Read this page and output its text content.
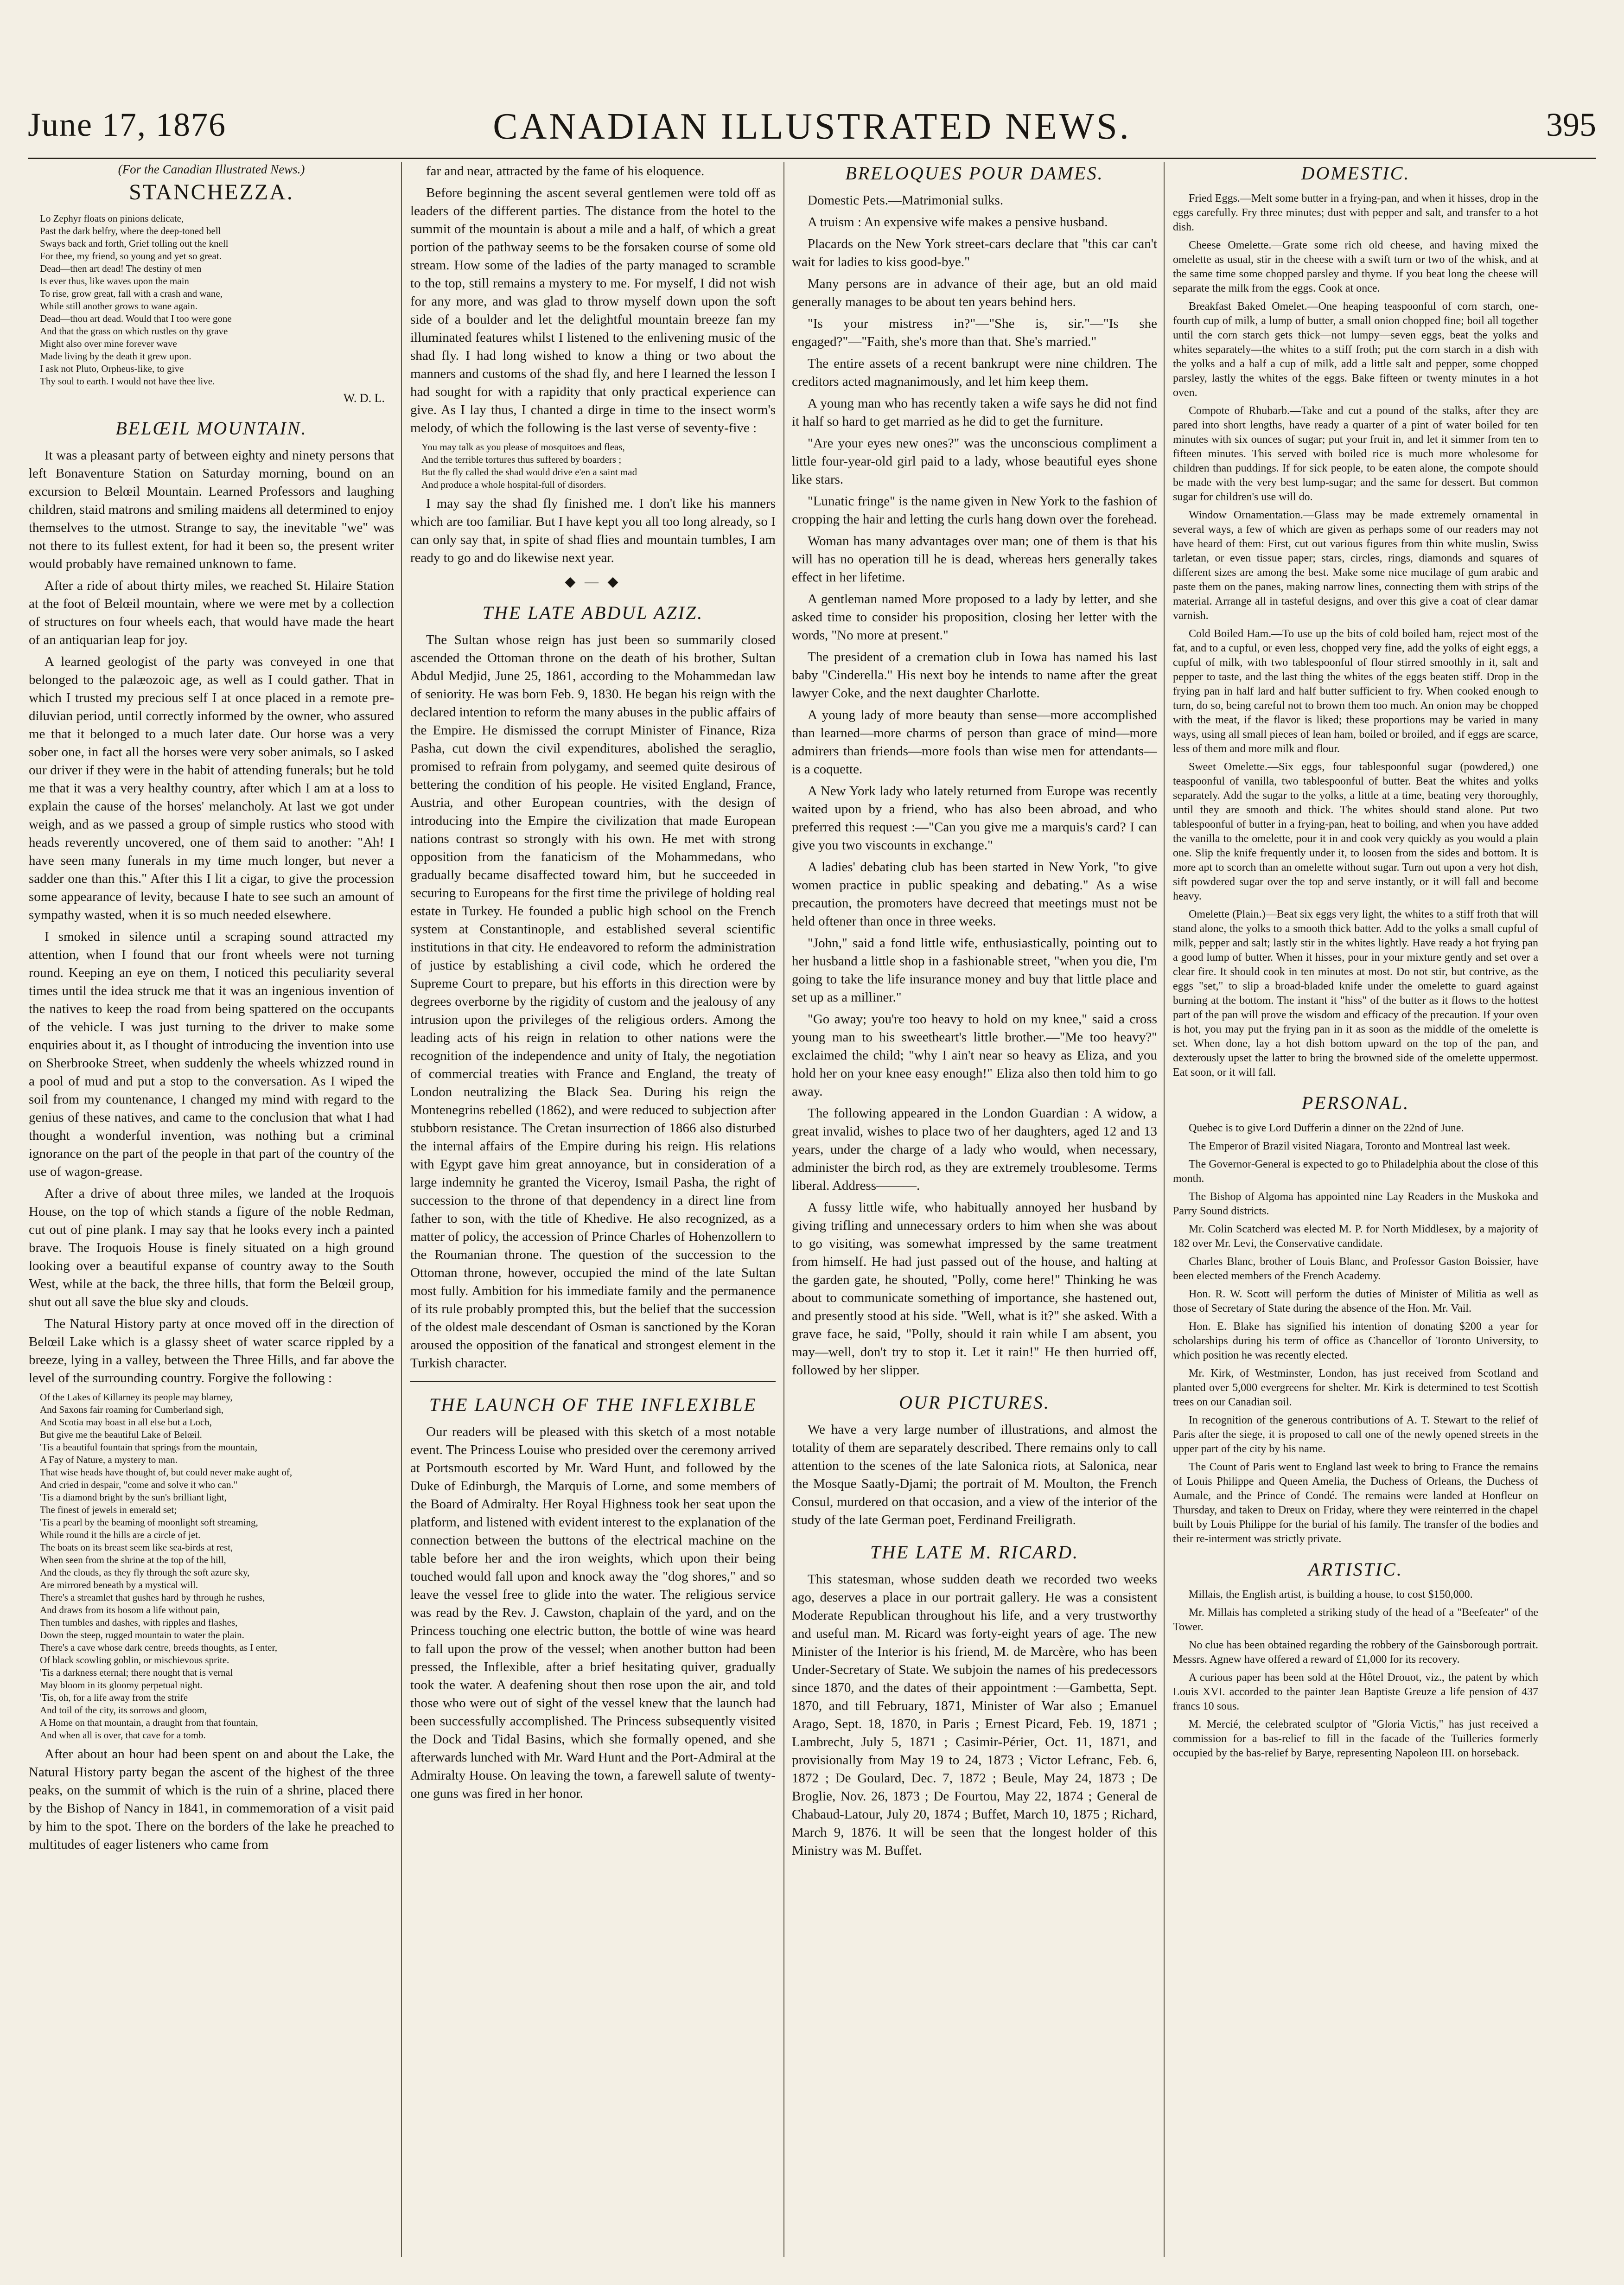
June 17, 1876	CANADIAN ILLUSTRATED NEWS.	395
(For the Canadian Illustrated News.)
STANCHEZZA.
Lo Zephyr floats on pinions delicate,
Past the dark belfry, where the deep-toned bell
Sways back and forth, Grief tolling out the knell
For thee, my friend, so young and yet so great.
Dead—then art dead! The destiny of men
Is ever thus, like waves upon the main
To rise, grow great, fall with a crash and wane,
While still another grows to wane again.
Dead—thou art dead. Would that I too were gone
And that the grass on which rustles on thy grave
Might also over mine forever wave
Made living by the death it grew upon.
I ask not Pluto, Orpheus-like, to give
Thy soul to earth. I would not have thee live.
W. D. L.
BELŒIL MOUNTAIN.

It was a pleasant party of between eighty and ninety persons that left Bonaventure Station on Saturday morning, bound on an excursion to Belœil Mountain. Learned Professors and laughing children, staid matrons and smiling maidens all determined to enjoy themselves to the utmost. Strange to say, the inevitable "we" was not there to its fullest extent, for had it been so, the present writer would probably have remained unknown to fame.

After a ride of about thirty miles, we reached St. Hilaire Station at the foot of Belœil mountain, where we were met by a collection of structures on four wheels each, that would have made the heart of an antiquarian leap for joy.

A learned geologist of the party was conveyed in one that belonged to the palæozoic age, as well as I could gather. That in which I trusted my precious self I at once placed in a remote pre-diluvian period, until correctly informed by the owner, who assured me that it belonged to a much later date. Our horse was a very sober one, in fact all the horses were very sober animals, so I asked our driver if they were in the habit of attending funerals; but he told me that it was a very healthy country, after which I am at a loss to explain the cause of the horses' melancholy. At last we got under weigh, and as we passed a group of simple rustics who stood with heads reverently uncovered, one of them said to another: "Ah! I have seen many funerals in my time much longer, but never a sadder one than this." After this I lit a cigar, to give the procession some appearance of levity, because I hate to see such an amount of sympathy wasted, when it is so much needed elsewhere.

I smoked in silence until a scraping sound attracted my attention, when I found that our front wheels were not turning round. Keeping an eye on them, I noticed this peculiarity several times until the idea struck me that it was an ingenious invention of the natives to keep the road from being spattered on the occupants of the vehicle. I was just turning to the driver to make some enquiries about it, as I thought of introducing the invention into use on Sherbrooke Street, when suddenly the wheels whizzed round in a pool of mud and put a stop to the conversation. As I wiped the soil from my countenance, I changed my mind with regard to the genius of these natives, and came to the conclusion that what I had thought a wonderful invention, was nothing but a criminal ignorance on the part of the people in that part of the country of the use of wagon-grease.

After a drive of about three miles, we landed at the Iroquois House, on the top of which stands a figure of the noble Redman, cut out of pine plank. I may say that he looks every inch a painted brave. The Iroquois House is finely situated on a high ground looking over a beautiful expanse of country away to the South West, while at the back, the three hills, that form the Belœil group, shut out all save the blue sky and clouds.

The Natural History party at once moved off in the direction of Belœil Lake which is a glassy sheet of water scarce rippled by a breeze, lying in a valley, between the Three Hills, and far above the level of the surrounding country. Forgive the following :

Of the Lakes of Killarney its people may blarney,
And Saxons fair roaming for Cumberland sigh,
And Scotia may boast in all else but a Loch,
But give me the beautiful Lake of Belœil.
'Tis a beautiful fountain that springs from the mountain,
A Fay of Nature, a mystery to man.
That wise heads have thought of, but could never make aught of,
And cried in despair, "come and solve it who can."
'Tis a diamond bright by the sun's brilliant light,
The finest of jewels in emerald set;
'Tis a pearl by the beaming of moonlight soft streaming,
While round it the hills are a circle of jet.
The boats on its breast seem like sea-birds at rest,
When seen from the shrine at the top of the hill,
And the clouds, as they fly through the soft azure sky,
Are mirrored beneath by a mystical will.
There's a streamlet that gushes hard by through he rushes,
And draws from its bosom a life without pain,
Then tumbles and dashes, with ripples and flashes,
Down the steep, rugged mountain to water the plain.
There's a cave whose dark centre, breeds thoughts, as I enter,
Of black scowling goblin, or mischievous sprite.
'Tis a darkness eternal; there nought that is vernal
May bloom in its gloomy perpetual night.
'Tis, oh, for a life away from the strife
And toil of the city, its sorrows and gloom,
A Home on that mountain, a draught from that fountain,
And when all is over, that cave for a tomb.

After about an hour had been spent on and about the Lake, the Natural History party began the ascent of the highest of the three peaks, on the summit of which is the ruin of a shrine, placed there by the Bishop of Nancy in 1841, in commemoration of a visit paid by him to the spot. There on the borders of the lake he preached to multitudes of eager listeners who came from

far and near, attracted by the fame of his eloquence.

Before beginning the ascent several gentlemen were told off as leaders of the different parties. The distance from the hotel to the summit of the mountain is about a mile and a half, of which a great portion of the pathway seems to be the forsaken course of some old stream. How some of the ladies of the party managed to scramble to the top, still remains a mystery to me. For myself, I did not wish for any more, and was glad to throw myself down upon the soft side of a boulder and let the delightful mountain breeze fan my illuminated features whilst I listened to the enlivening music of the shad fly. I had long wished to know a thing or two about the manners and customs of the shad fly, and here I learned the lesson I had sought for with a rapidity that only practical experience can give. As I lay thus, I chanted a dirge in time to the insect worm's melody, of which the following is the last verse of seventy-five :

You may talk as you please of mosquitoes and fleas,
And the terrible tortures thus suffered by boarders ;
But the fly called the shad would drive e'en a saint mad
And produce a whole hospital-full of disorders.

I may say the shad fly finished me. I don't like his manners which are too familiar. But I have kept you all too long already, so I can only say that, in spite of shad flies and mountain tumbles, I am ready to go and do likewise next year.

◆ — ◆
THE LATE ABDUL AZIZ.

The Sultan whose reign has just been so summarily closed ascended the Ottoman throne on the death of his brother, Sultan Abdul Medjid, June 25, 1861, according to the Mohammedan law of seniority. He was born Feb. 9, 1830. He began his reign with the declared intention to reform the many abuses in the public affairs of the Empire. He dismissed the corrupt Minister of Finance, Riza Pasha, cut down the civil expenditures, abolished the seraglio, promised to refrain from polygamy, and seemed quite desirous of bettering the condition of his people. He visited England, France, Austria, and other European countries, with the design of introducing into the Empire the civilization that made European nations contrast so strongly with his own. He met with strong opposition from the fanaticism of the Mohammedans, who gradually became disaffected toward him, but he succeeded in securing to Europeans for the first time the privilege of holding real estate in Turkey. He founded a public high school on the French system at Constantinople, and established several scientific institutions in that city. He endeavored to reform the administration of justice by establishing a civil code, which he ordered the Supreme Court to prepare, but his efforts in this direction were by degrees overborne by the rigidity of custom and the jealousy of any intrusion upon the privileges of the religious orders. Among the leading acts of his reign in relation to other nations were the recognition of the independence and unity of Italy, the negotiation of commercial treaties with France and England, the treaty of London neutralizing the Black Sea. During his reign the Montenegrins rebelled (1862), and were reduced to subjection after stubborn resistance. The Cretan insurrection of 1866 also disturbed the internal affairs of the Empire during his reign. His relations with Egypt gave him great annoyance, but in consideration of a large indemnity he granted the Viceroy, Ismail Pasha, the right of succession to the throne of that dependency in a direct line from father to son, with the title of Khedive. He also recognized, as a matter of policy, the accession of Prince Charles of Hohenzollern to the Roumanian throne. The question of the succession to the Ottoman throne, however, occupied the mind of the late Sultan most fully. Ambition for his immediate family and the permanence of its rule probably prompted this, but the belief that the succession of the oldest male descendant of Osman is sanctioned by the Koran aroused the opposition of the fanatical and strongest element in the Turkish character.

THE LAUNCH OF THE INFLEXIBLE

Our readers will be pleased with this sketch of a most notable event. The Princess Louise who presided over the ceremony arrived at Portsmouth escorted by Mr. Ward Hunt, and followed by the Duke of Edinburgh, the Marquis of Lorne, and some members of the Board of Admiralty. Her Royal Highness took her seat upon the platform, and listened with evident interest to the explanation of the connection between the buttons of the electrical machine on the table before her and the iron weights, which upon their being touched would fall upon and knock away the "dog shores," and so leave the vessel free to glide into the water. The religious service was read by the Rev. J. Cawston, chaplain of the yard, and on the Princess touching one electric button, the bottle of wine was heard to fall upon the prow of the vessel; when another button had been pressed, the Inflexible, after a brief hesitating quiver, gradually took the water. A deafening shout then rose upon the air, and told those who were out of sight of the vessel knew that the launch had been successfully accomplished. The Princess subsequently visited the Dock and Tidal Basins, which she formally opened, and she afterwards lunched with Mr. Ward Hunt and the Port-Admiral at the Admiralty House. On leaving the town, a farewell salute of twenty-one guns was fired in her honor.

BRELOQUES POUR DAMES.

Domestic Pets.—Matrimonial sulks.

A truism : An expensive wife makes a pensive husband.

Placards on the New York street-cars declare that "this car can't wait for ladies to kiss good-bye."

Many persons are in advance of their age, but an old maid generally manages to be about ten years behind hers.

"Is your mistress in?"—"She is, sir."—"Is she engaged?"—"Faith, she's more than that. She's married."

The entire assets of a recent bankrupt were nine children. The creditors acted magnanimously, and let him keep them.

A young man who has recently taken a wife says he did not find it half so hard to get married as he did to get the furniture.

"Are your eyes new ones?" was the unconscious compliment a little four-year-old girl paid to a lady, whose beautiful eyes shone like stars.

"Lunatic fringe" is the name given in New York to the fashion of cropping the hair and letting the curls hang down over the forehead.

Woman has many advantages over man; one of them is that his will has no operation till he is dead, whereas hers generally takes effect in her lifetime.

A gentleman named More proposed to a lady by letter, and she asked time to consider his proposition, closing her letter with the words, "No more at present."

The president of a cremation club in Iowa has named his last baby "Cinderella." His next boy he intends to name after the great lawyer Coke, and the next daughter Charlotte.

A young lady of more beauty than sense—more accomplished than learned—more charms of person than grace of mind—more admirers than friends—more fools than wise men for attendants—is a coquette.

A New York lady who lately returned from Europe was recently waited upon by a friend, who has also been abroad, and who preferred this request :—"Can you give me a marquis's card? I can give you two viscounts in exchange."

A ladies' debating club has been started in New York, "to give women practice in public speaking and debating." As a wise precaution, the promoters have decreed that meetings must not be held oftener than once in three weeks.

"John," said a fond little wife, enthusiastically, pointing out to her husband a little shop in a fashionable street, "when you die, I'm going to take the life insurance money and buy that little place and set up as a milliner."

"Go away; you're too heavy to hold on my knee," said a cross young man to his sweetheart's little brother.—"Me too heavy?" exclaimed the child; "why I ain't near so heavy as Eliza, and you hold her on your knee easy enough!" Eliza also then told him to go away.

The following appeared in the London Guardian : A widow, a great invalid, wishes to place two of her daughters, aged 12 and 13 years, under the charge of a lady who would, when necessary, administer the birch rod, as they are extremely troublesome. Terms liberal. Address———.

A fussy little wife, who habitually annoyed her husband by giving trifling and unnecessary orders to him when she was about to go visiting, was somewhat impressed by the same treatment from himself. He had just passed out of the house, and halting at the garden gate, he shouted, "Polly, come here!" Thinking he was about to communicate something of importance, she hastened out, and presently stood at his side. "Well, what is it?" she asked. With a grave face, he said, "Polly, should it rain while I am absent, you may—well, don't try to stop it. Let it rain!" He then hurried off, followed by her slipper.

OUR PICTURES.

We have a very large number of illustrations, and almost the totality of them are separately described. There remains only to call attention to the scenes of the late Salonica riots, at Salonica, near the Mosque Saatly-Djami; the portrait of M. Moulton, the French Consul, murdered on that occasion, and a view of the interior of the study of the late German poet, Ferdinand Freiligrath.

THE LATE M. RICARD.

This statesman, whose sudden death we recorded two weeks ago, deserves a place in our portrait gallery. He was a consistent Moderate Republican throughout his life, and a very trustworthy and useful man. M. Ricard was forty-eight years of age. The new Minister of the Interior is his friend, M. de Marcère, who has been Under-Secretary of State. We subjoin the names of his predecessors since 1870, and the dates of their appointment :—Gambetta, Sept. 1870, and till February, 1871, Minister of War also ; Emanuel Arago, Sept. 18, 1870, in Paris ; Ernest Picard, Feb. 19, 1871 ; Lambrecht, July 5, 1871 ; Casimir-Périer, Oct. 11, 1871, and provisionally from May 19 to 24, 1873 ; Victor Lefranc, Feb. 6, 1872 ; De Goulard, Dec. 7, 1872 ; Beule, May 24, 1873 ; De Broglie, Nov. 26, 1873 ; De Fourtou, May 22, 1874 ; General de Chabaud-Latour, July 20, 1874 ; Buffet, March 10, 1875 ; Richard, March 9, 1876. It will be seen that the longest holder of this Ministry was M. Buffet.

DOMESTIC.

Fried Eggs.—Melt some butter in a frying-pan, and when it hisses, drop in the eggs carefully. Fry three minutes; dust with pepper and salt, and transfer to a hot dish.

Cheese Omelette.—Grate some rich old cheese, and having mixed the omelette as usual, stir in the cheese with a swift turn or two of the whisk, and at the same time some chopped parsley and thyme. If you beat long the cheese will separate the milk from the eggs. Cook at once.

Breakfast Baked Omelet.—One heaping teaspoonful of corn starch, one-fourth cup of milk, a lump of butter, a small onion chopped fine; boil all together until the corn starch gets thick—not lumpy—seven eggs, beat the yolks and whites separately—the whites to a stiff froth; put the corn starch in a dish with the yolks and a half a cup of milk, add a little salt and pepper, some chopped parsley, lastly the whites of the eggs. Bake fifteen or twenty minutes in a hot oven.

Compote of Rhubarb.—Take and cut a pound of the stalks, after they are pared into short lengths, have ready a quarter of a pint of water boiled for ten minutes with six ounces of sugar; put your fruit in, and let it simmer from ten to fifteen minutes. This served with boiled rice is much more wholesome for children than puddings. If for sick people, to be eaten alone, the compote should be made with the very best lump-sugar; and the same for dessert. But common sugar for children's use will do.

Window Ornamentation.—Glass may be made extremely ornamental in several ways, a few of which are given as perhaps some of our readers may not have heard of them: First, cut out various figures from thin white muslin, Swiss tarletan, or even tissue paper; stars, circles, rings, diamonds and squares of different sizes are among the best. Make some nice mucilage of gum arabic and paste them on the panes, making narrow lines, connecting them with strips of the material. Arrange all in tasteful designs, and over this give a coat of clear damar varnish.

Cold Boiled Ham.—To use up the bits of cold boiled ham, reject most of the fat, and to a cupful, or even less, chopped very fine, add the yolks of eight eggs, a cupful of milk, with two tablespoonful of flour stirred smoothly in it, salt and pepper to taste, and the last thing the whites of the eggs beaten stiff. Drop in the frying pan in half lard and half butter sufficient to fry. When cooked enough to turn, do so, being careful not to brown them too much. An onion may be chopped with the meat, if the flavor is liked; these proportions may be varied in many ways, using all small pieces of lean ham, boiled or broiled, and if eggs are scarce, less of them and more milk and flour.

Sweet Omelette.—Six eggs, four tablespoonful sugar (powdered,) one teaspoonful of vanilla, two tablespoonful of butter. Beat the whites and yolks separately. Add the sugar to the yolks, a little at a time, beating very thoroughly, until they are smooth and thick. The whites should stand alone. Put two tablespoonful of butter in a frying-pan, heat to boiling, and when you have added the vanilla to the omelette, pour it in and cook very quickly as you would a plain one. Slip the knife frequently under it, to loosen from the sides and bottom. It is more apt to scorch than an omelette without sugar. Turn out upon a very hot dish, sift powdered sugar over the top and serve instantly, or it will fall and become heavy.

Omelette (Plain.)—Beat six eggs very light, the whites to a stiff froth that will stand alone, the yolks to a smooth thick batter. Add to the yolks a small cupful of milk, pepper and salt; lastly stir in the whites lightly. Have ready a hot frying pan a good lump of butter. When it hisses, pour in your mixture gently and set over a clear fire. It should cook in ten minutes at most. Do not stir, but contrive, as the eggs "set," to slip a broad-bladed knife under the omelette to guard against burning at the bottom. The instant it "hiss" of the butter as it flows to the hottest part of the pan will prove the wisdom and efficacy of the precaution. If your oven is hot, you may put the frying pan in it as soon as the middle of the omelette is set. When done, lay a hot dish bottom upward on the top of the pan, and dexterously upset the latter to bring the browned side of the omelette uppermost. Eat soon, or it will fall.

PERSONAL.

Quebec is to give Lord Dufferin a dinner on the 22nd of June.

The Emperor of Brazil visited Niagara, Toronto and Montreal last week.

The Governor-General is expected to go to Philadelphia about the close of this month.

The Bishop of Algoma has appointed nine Lay Readers in the Muskoka and Parry Sound districts.

Mr. Colin Scatcherd was elected M. P. for North Middlesex, by a majority of 182 over Mr. Levi, the Conservative candidate.

Charles Blanc, brother of Louis Blanc, and Professor Gaston Boissier, have been elected members of the French Academy.

Hon. R. W. Scott will perform the duties of Minister of Militia as well as those of Secretary of State during the absence of the Hon. Mr. Vail.

Hon. E. Blake has signified his intention of donating $200 a year for scholarships during his term of office as Chancellor of Toronto University, to which position he was recently elected.

Mr. Kirk, of Westminster, London, has just received from Scotland and planted over 5,000 evergreens for shelter. Mr. Kirk is determined to test Scottish trees on our Canadian soil.

In recognition of the generous contributions of A. T. Stewart to the relief of Paris after the siege, it is proposed to call one of the newly opened streets in the upper part of the city by his name.

The Count of Paris went to England last week to bring to France the remains of Louis Philippe and Queen Amelia, the Duchess of Orleans, the Duchess of Aumale, and the Prince of Condé. The remains were landed at Honfleur on Thursday, and taken to Dreux on Friday, where they were reinterred in the chapel built by Louis Philippe for the burial of his family. The transfer of the bodies and their re-interment was strictly private.

ARTISTIC.

Millais, the English artist, is building a house, to cost $150,000.

Mr. Millais has completed a striking study of the head of a "Beefeater" of the Tower.

No clue has been obtained regarding the robbery of the Gainsborough portrait. Messrs. Agnew have offered a reward of £1,000 for its recovery.

A curious paper has been sold at the Hôtel Drouot, viz., the patent by which Louis XVI. accorded to the painter Jean Baptiste Greuze a life pension of 437 francs 10 sous.

M. Mercié, the celebrated sculptor of "Gloria Victis," has just received a commission for a bas-relief to fill in the facade of the Tuilleries formerly occupied by the bas-relief by Barye, representing Napoleon III. on horseback.
